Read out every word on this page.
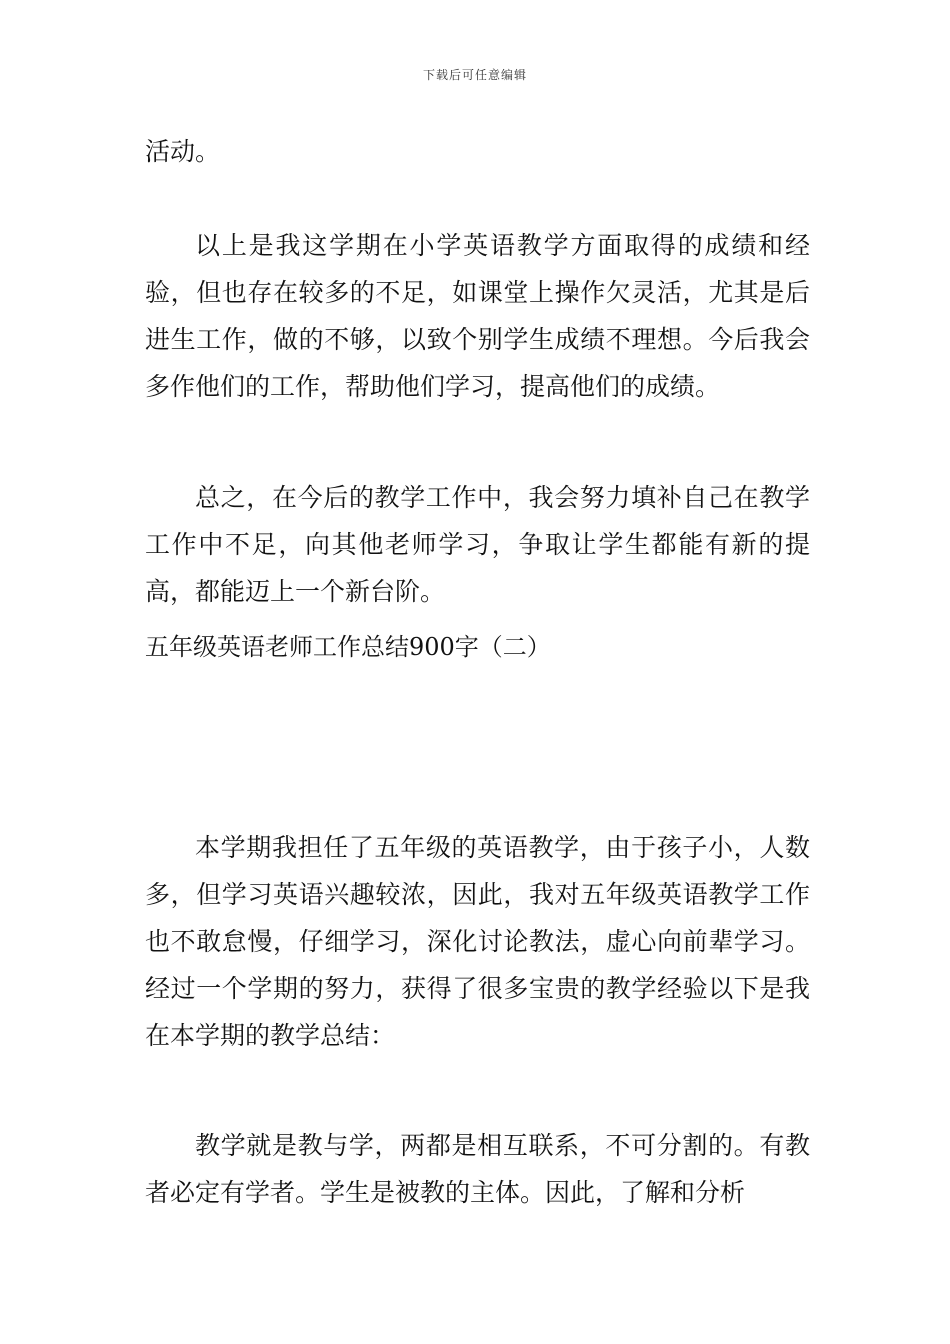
下载后可任意编辑

活动。

以上是我这学期在小学英语教学方面取得的成绩和经验，但也存在较多的不足，如课堂上操作欠灵活，尤其是后进生工作，做的不够，以致个别学生成绩不理想。今后我会多作他们的工作，帮助他们学习，提高他们的成绩。

总之，在今后的教学工作中，我会努力填补自己在教学工作中不足，向其他老师学习，争取让学生都能有新的提高，都能迈上一个新台阶。

五年级英语老师工作总结900字（二）

本学期我担任了五年级的英语教学，由于孩子小，人数多，但学习英语兴趣较浓，因此，我对五年级英语教学工作也不敢怠慢，仔细学习，深化讨论教法，虚心向前辈学习。经过一个学期的努力，获得了很多宝贵的教学经验以下是我在本学期的教学总结：

教学就是教与学，两都是相互联系，不可分割的。有教者必定有学者。学生是被教的主体。因此，了解和分析
